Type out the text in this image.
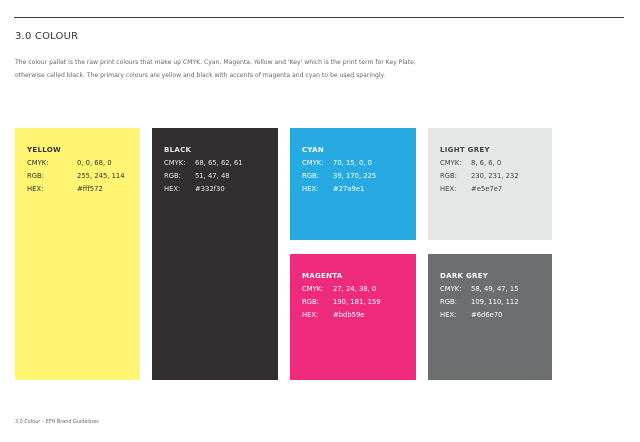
3.0 COLOUR
The colour pallet is the raw print colours that make up CMYK. Cyan, Magenta, Yellow and 'Key' which is the print term for Key Plate, otherwise called black. The primary colours are yellow and black with accents of magenta and cyan to be used sparingly.
YELLOW
CMYK:	0, 0, 68, 0
RGB:	255, 245, 114
HEX:	#fff572
BLACK
CMYK: 68, 65, 62, 61
RGB: 51, 47, 48
HEX: #332f30
CYAN
CMYK: 70, 15, 0, 0
RGB: 39, 170, 225
HEX: #27a9e1
LIGHT GREY
CMYK: 8, 6, 6, 0
RGB: 230, 231, 232
HEX: #e5e7e7
MAGENTA
CMYK: 27, 24, 38, 0
RGB: 190, 181, 159
HEX: #bdb59e
DARK GREY
CMYK: 58, 49, 47, 15
RGB: 109, 110, 112
HEX: #6d6e70
3.0 Colour – EFH Brand Guidelines
